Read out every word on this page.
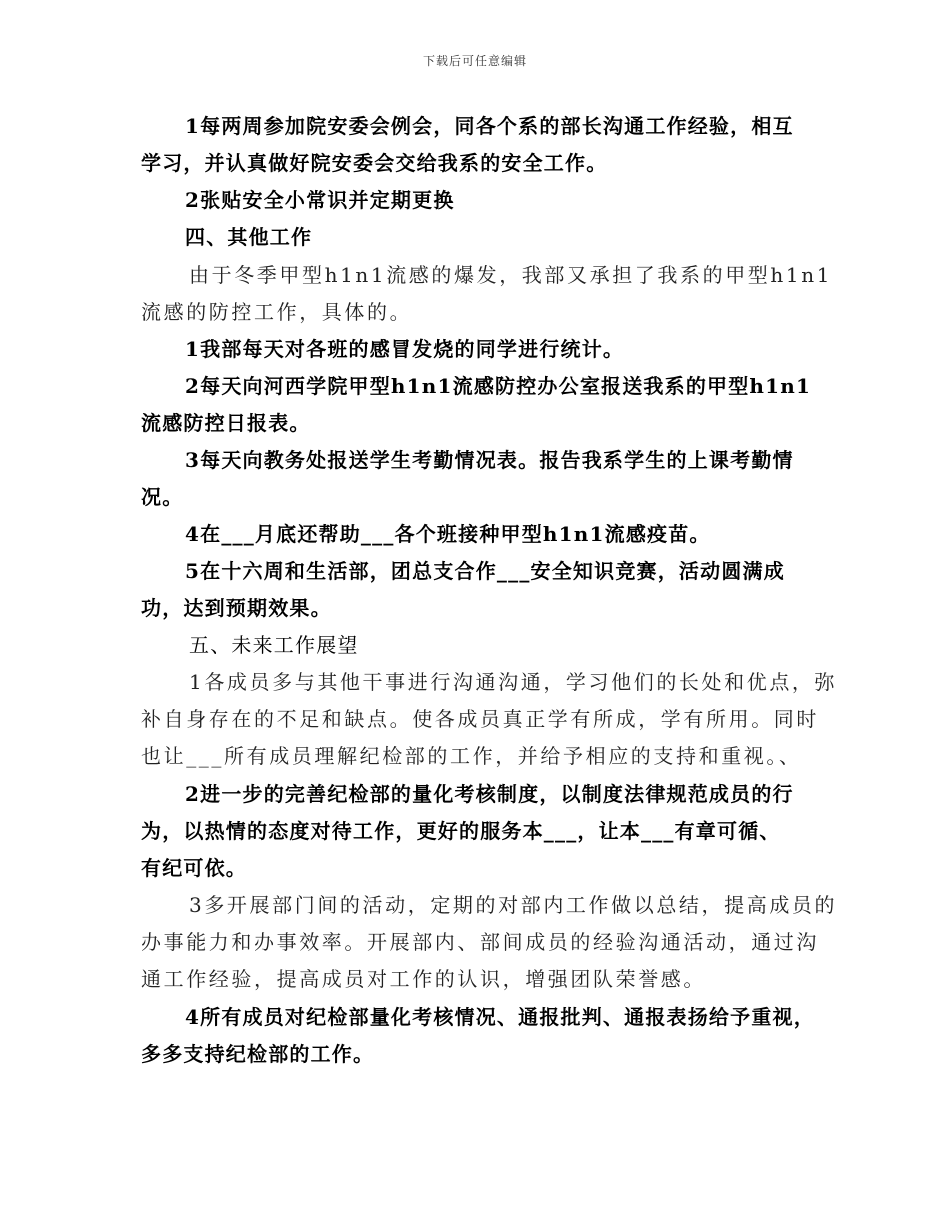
下载后可任意编辑
1每两周参加院安委会例会，同各个系的部长沟通工作经验，相互
学习，并认真做好院安委会交给我系的安全工作。
2张贴安全小常识并定期更换
四、其他工作
由于冬季甲型h1n1流感的爆发，我部又承担了我系的甲型h1n1
流感的防控工作，具体的。
1我部每天对各班的感冒发烧的同学进行统计。
2每天向河西学院甲型h1n1流感防控办公室报送我系的甲型h1n1
流感防控日报表。
3每天向教务处报送学生考勤情况表。报告我系学生的上课考勤情
况。
4在___月底还帮助___各个班接种甲型h1n1流感疫苗。
5在十六周和生活部，团总支合作___安全知识竞赛，活动圆满成
功，达到预期效果。
五、未来工作展望
1各成员多与其他干事进行沟通沟通，学习他们的长处和优点，弥
补自身存在的不足和缺点。使各成员真正学有所成，学有所用。同时
也让___所有成员理解纪检部的工作，并给予相应的支持和重视。、
2进一步的完善纪检部的量化考核制度，以制度法律规范成员的行
为，以热情的态度对待工作，更好的服务本___，让本___有章可循、
有纪可依。
3多开展部门间的活动，定期的对部内工作做以总结，提高成员的
办事能力和办事效率。开展部内、部间成员的经验沟通活动，通过沟
通工作经验，提高成员对工作的认识，增强团队荣誉感。
4所有成员对纪检部量化考核情况、通报批判、通报表扬给予重视，
多多支持纪检部的工作。
